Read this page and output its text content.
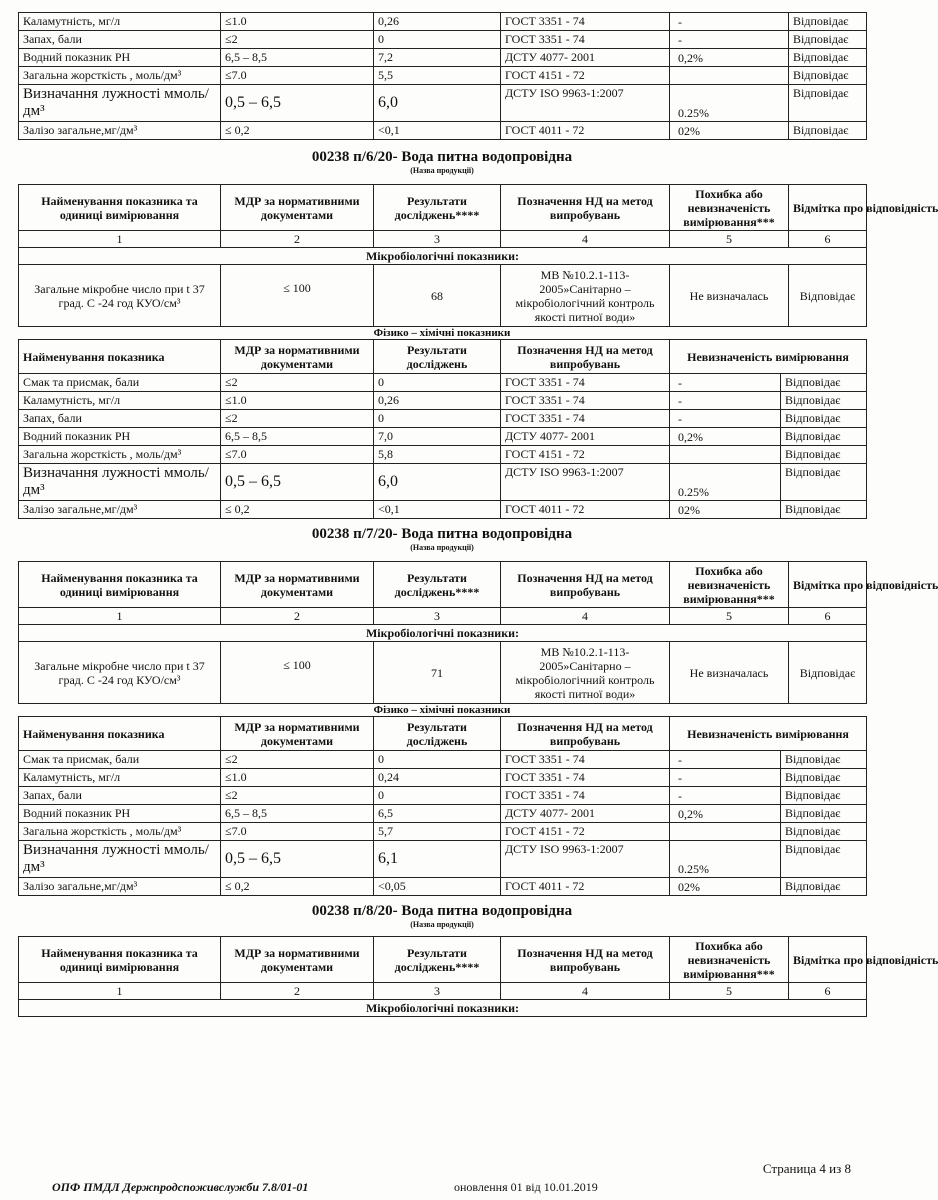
Каламутність, мг/л	≤1.0	0,26	ГОСТ 3351 - 74	-	Відповідає
Запах, бали	≤2	0	ГОСТ 3351 - 74	-	Відповідає
Водний показник РН	6,5 – 8,5	7,2	ДСТУ 4077- 2001	0,2%	Відповідає
Загальна жорсткість , моль/дм³	≤7.0	5,5	ГОСТ 4151 - 72		Відповідає
Визначання лужності ммоль/дм³	0,5 – 6,5	6,0	ДСТУ ISO 9963-1:2007	0.25%	Відповідає
Залізо загальне,мг/дм³	≤ 0,2	<0,1	ГОСТ 4011 - 72	02%	Відповідає
00238 п/6/20- Вода питна водопровідна
(Назва продукції)
Найменування показника та одиниці вимірювання	МДР за нормативними документами	Результати досліджень****	Позначення НД на метод випробувань	Похибка або невизначеність вимірювання***	Відмітка про відповідність
1	2	3	4	5	6
Мікробіологічні показники:					
Загальне мікробне число при t 37 град. С -24 год КУО/см³	≤ 100	68	МВ №10.2.1-113-2005»Санітарно – мікробіологічний контроль якості питної води»	Не визначалась	Відповідає
Фізико – хімічні показники
Найменування показника	МДР за нормативними документами	Результати досліджень	Позначення НД на метод випробувань	Невизначеність вимірювання	
Смак та присмак, бали	≤2	0	ГОСТ 3351 - 74	-	Відповідає
Каламутність, мг/л	≤1.0	0,26	ГОСТ 3351 - 74	-	Відповідає
Запах, бали	≤2	0	ГОСТ 3351 - 74	-	Відповідає
Водний показник РН	6,5 – 8,5	7,0	ДСТУ 4077- 2001	0,2%	Відповідає
Загальна жорсткість , моль/дм³	≤7.0	5,8	ГОСТ 4151 - 72		Відповідає
Визначання лужності ммоль/дм³	0,5 – 6,5	6,0	ДСТУ ISO 9963-1:2007	0.25%	Відповідає
Залізо загальне,мг/дм³	≤ 0,2	<0,1	ГОСТ 4011 - 72	02%	Відповідає
00238 п/7/20- Вода питна водопровідна
(Назва продукції)
Найменування показника та одиниці вимірювання	МДР за нормативними документами	Результати досліджень****	Позначення НД на метод випробувань	Похибка або невизначеність вимірювання***	Відмітка про відповідність
1	2	3	4	5	6
Мікробіологічні показники:					
Загальне мікробне число при t 37 град. С -24 год КУО/см³	≤ 100	71	МВ №10.2.1-113-2005»Санітарно – мікробіологічний контроль якості питної води»	Не визначалась	Відповідає
Фізико – хімічні показники
Найменування показника	МДР за нормативними документами	Результати досліджень	Позначення НД на метод випробувань	Невизначеність вимірювання	
Смак та присмак, бали	≤2	0	ГОСТ 3351 - 74	-	Відповідає
Каламутність, мг/л	≤1.0	0,24	ГОСТ 3351 - 74	-	Відповідає
Запах, бали	≤2	0	ГОСТ 3351 - 74	-	Відповідає
Водний показник РН	6,5 – 8,5	6,5	ДСТУ 4077- 2001	0,2%	Відповідає
Загальна жорсткість , моль/дм³	≤7.0	5,7	ГОСТ 4151 - 72		Відповідає
Визначання лужності ммоль/дм³	0,5 – 6,5	6,1	ДСТУ ISO 9963-1:2007	0.25%	Відповідає
Залізо загальне,мг/дм³	≤ 0,2	<0,05	ГОСТ 4011 - 72	02%	Відповідає
00238 п/8/20- Вода питна водопровідна
(Назва продукції)
Найменування показника та одиниці вимірювання	МДР за нормативними документами	Результати досліджень****	Позначення НД на метод випробувань	Похибка або невизначеність вимірювання***	Відмітка про відповідність
1	2	3	4	5	6
Мікробіологічні показники:					
Страница 4 из 8
ОПФ ПМДЛ Держпродспоживслужби 7.8/01-01	оновлення 01 від 10.01.2019
